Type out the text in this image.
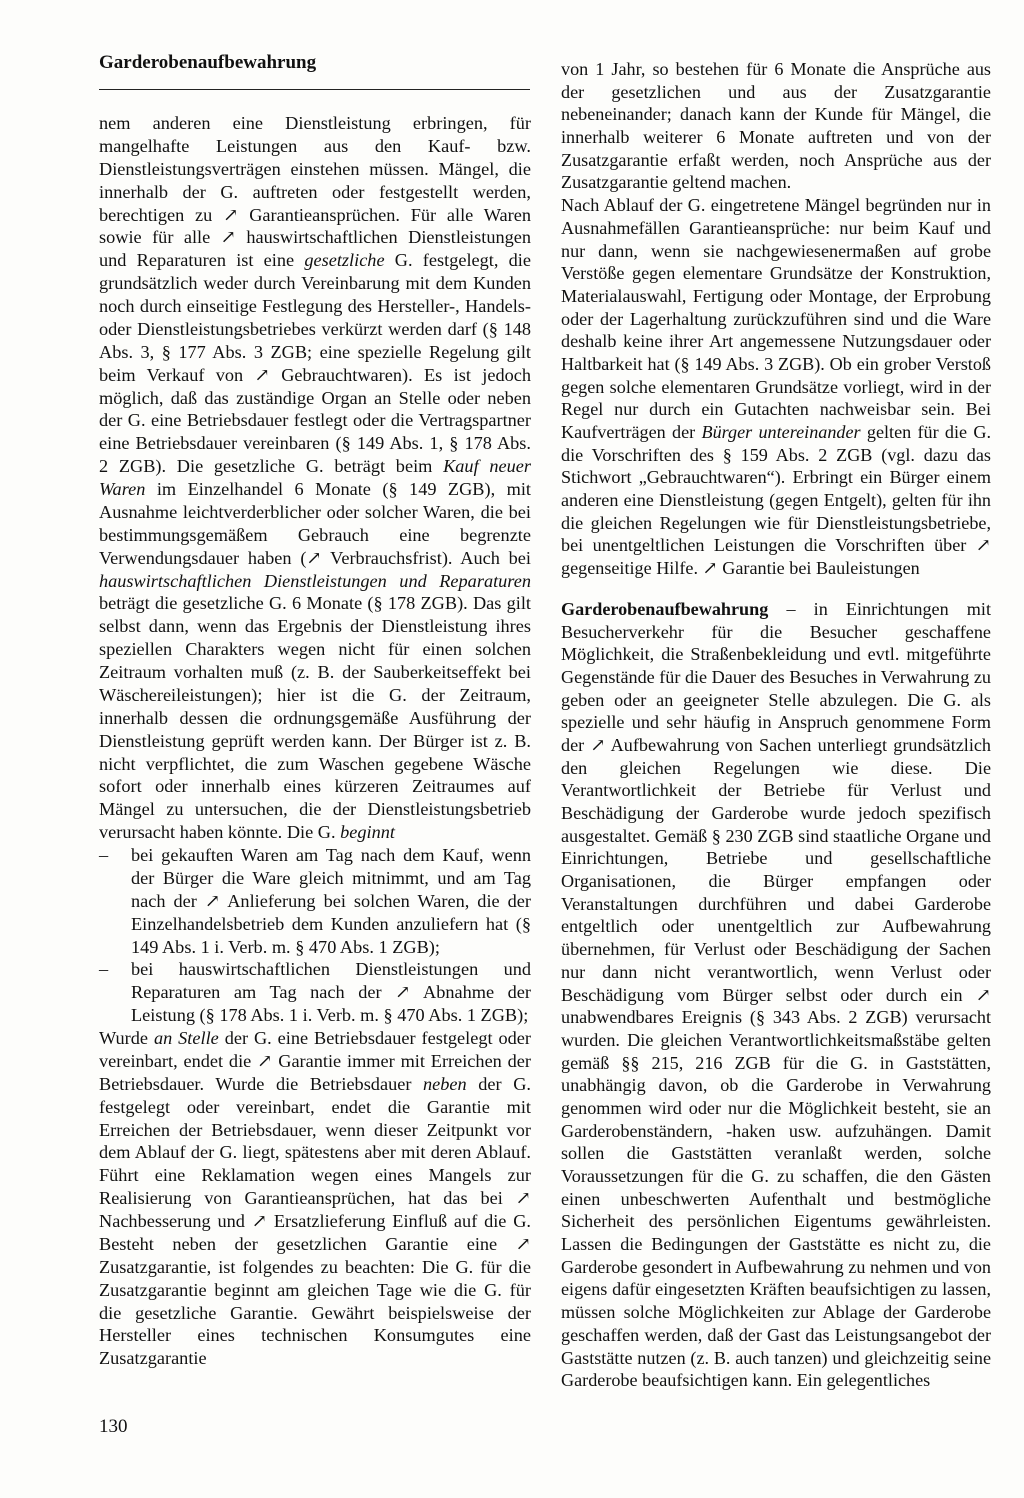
Garderobenaufbewahrung

nem anderen eine Dienstleistung erbringen, für mangelhafte Leistungen aus den Kauf- bzw. Dienstleistungsverträgen einstehen müssen. Mängel, die innerhalb der G. auftreten oder festgestellt werden, berechtigen zu ↗ Garantieansprüchen. Für alle Waren sowie für alle ↗ hauswirtschaftlichen Dienstleistungen und Reparaturen ist eine gesetzliche G. festgelegt, die grundsätzlich weder durch Vereinbarung mit dem Kunden noch durch einseitige Festlegung des Hersteller-, Handels- oder Dienstleistungsbetriebes verkürzt werden darf (§ 148 Abs. 3, § 177 Abs. 3 ZGB; eine spezielle Regelung gilt beim Verkauf von ↗ Gebrauchtwaren). Es ist jedoch möglich, daß das zuständige Organ an Stelle oder neben der G. eine Betriebsdauer festlegt oder die Vertragspartner eine Betriebsdauer vereinbaren (§ 149 Abs. 1, § 178 Abs. 2 ZGB). Die gesetzliche G. beträgt beim Kauf neuer Waren im Einzelhandel 6 Monate (§ 149 ZGB), mit Ausnahme leichtverderblicher oder solcher Waren, die bei bestimmungsgemäßem Gebrauch eine begrenzte Verwendungsdauer haben (↗ Verbrauchsfrist). Auch bei hauswirtschaftlichen Dienstleistungen und Reparaturen beträgt die gesetzliche G. 6 Monate (§ 178 ZGB). Das gilt selbst dann, wenn das Ergebnis der Dienstleistung ihres speziellen Charakters wegen nicht für einen solchen Zeitraum vorhalten muß (z. B. der Sauberkeitseffekt bei Wäschereileistungen); hier ist die G. der Zeitraum, innerhalb dessen die ordnungsgemäße Ausführung der Dienstleistung geprüft werden kann. Der Bürger ist z. B. nicht verpflichtet, die zum Waschen gegebene Wäsche sofort oder innerhalb eines kürzeren Zeitraumes auf Mängel zu untersuchen, die der Dienstleistungsbetrieb verursacht haben könnte. Die G. beginnt

– bei gekauften Waren am Tag nach dem Kauf, wenn der Bürger die Ware gleich mitnimmt, und am Tag nach der ↗ Anlieferung bei solchen Waren, die der Einzelhandelsbetrieb dem Kunden anzuliefern hat (§ 149 Abs. 1 i. Verb. m. § 470 Abs. 1 ZGB);

– bei hauswirtschaftlichen Dienstleistungen und Reparaturen am Tag nach der ↗ Abnahme der Leistung (§ 178 Abs. 1 i. Verb. m. § 470 Abs. 1 ZGB);

Wurde an Stelle der G. eine Betriebsdauer festgelegt oder vereinbart, endet die ↗ Garantie immer mit Erreichen der Betriebsdauer. Wurde die Betriebsdauer neben der G. festgelegt oder vereinbart, endet die Garantie mit Erreichen der Betriebsdauer, wenn dieser Zeitpunkt vor dem Ablauf der G. liegt, spätestens aber mit deren Ablauf. Führt eine Reklamation wegen eines Mangels zur Realisierung von Garantieansprüchen, hat das bei ↗ Nachbesserung und ↗ Ersatzlieferung Einfluß auf die G. Besteht neben der gesetzlichen Garantie eine ↗ Zusatzgarantie, ist folgendes zu beachten: Die G. für die Zusatzgarantie beginnt am gleichen Tage wie die G. für die gesetzliche Garantie. Gewährt beispielsweise der Hersteller eines technischen Konsumgutes eine Zusatzgarantie

von 1 Jahr, so bestehen für 6 Monate die Ansprüche aus der gesetzlichen und aus der Zusatzgarantie nebeneinander; danach kann der Kunde für Mängel, die innerhalb weiterer 6 Monate auftreten und von der Zusatzgarantie erfaßt werden, noch Ansprüche aus der Zusatzgarantie geltend machen.

Nach Ablauf der G. eingetretene Mängel begründen nur in Ausnahmefällen Garantieansprüche: nur beim Kauf und nur dann, wenn sie nachgewiesenermaßen auf grobe Verstöße gegen elementare Grundsätze der Konstruktion, Materialauswahl, Fertigung oder Montage, der Erprobung oder der Lagerhaltung zurückzuführen sind und die Ware deshalb keine ihrer Art angemessene Nutzungsdauer oder Haltbarkeit hat (§ 149 Abs. 3 ZGB). Ob ein grober Verstoß gegen solche elementaren Grundsätze vorliegt, wird in der Regel nur durch ein Gutachten nachweisbar sein. Bei Kaufverträgen der Bürger untereinander gelten für die G. die Vorschriften des § 159 Abs. 2 ZGB (vgl. dazu das Stichwort „Gebrauchtwaren“). Erbringt ein Bürger einem anderen eine Dienstleistung (gegen Entgelt), gelten für ihn die gleichen Regelungen wie für Dienstleistungsbetriebe, bei unentgeltlichen Leistungen die Vorschriften über ↗ gegenseitige Hilfe. ↗ Garantie bei Bauleistungen

Garderobenaufbewahrung – in Einrichtungen mit Besucherverkehr für die Besucher geschaffene Möglichkeit, die Straßenbekleidung und evtl. mitgeführte Gegenstände für die Dauer des Besuches in Verwahrung zu geben oder an geeigneter Stelle abzulegen. Die G. als spezielle und sehr häufig in Anspruch genommene Form der ↗ Aufbewahrung von Sachen unterliegt grundsätzlich den gleichen Regelungen wie diese. Die Verantwortlichkeit der Betriebe für Verlust und Beschädigung der Garderobe wurde jedoch spezifisch ausgestaltet. Gemäß § 230 ZGB sind staatliche Organe und Einrichtungen, Betriebe und gesellschaftliche Organisationen, die Bürger empfangen oder Veranstaltungen durchführen und dabei Garderobe entgeltlich oder unentgeltlich zur Aufbewahrung übernehmen, für Verlust oder Beschädigung der Sachen nur dann nicht verantwortlich, wenn Verlust oder Beschädigung vom Bürger selbst oder durch ein ↗ unabwendbares Ereignis (§ 343 Abs. 2 ZGB) verursacht wurden. Die gleichen Verantwortlichkeitsmaßstäbe gelten gemäß §§ 215, 216 ZGB für die G. in Gaststätten, unabhängig davon, ob die Garderobe in Verwahrung genommen wird oder nur die Möglichkeit besteht, sie an Garderobenständern, -haken usw. aufzuhängen. Damit sollen die Gaststätten veranlaßt werden, solche Voraussetzungen für die G. zu schaffen, die den Gästen einen unbeschwerten Aufenthalt und bestmögliche Sicherheit des persönlichen Eigentums gewährleisten. Lassen die Bedingungen der Gaststätte es nicht zu, die Garderobe gesondert in Aufbewahrung zu nehmen und von eigens dafür eingesetzten Kräften beaufsichtigen zu lassen, müssen solche Möglichkeiten zur Ablage der Garderobe geschaffen werden, daß der Gast das Leistungsangebot der Gaststätte nutzen (z. B. auch tanzen) und gleichzeitig seine Garderobe beaufsichtigen kann. Ein gelegentliches

130
